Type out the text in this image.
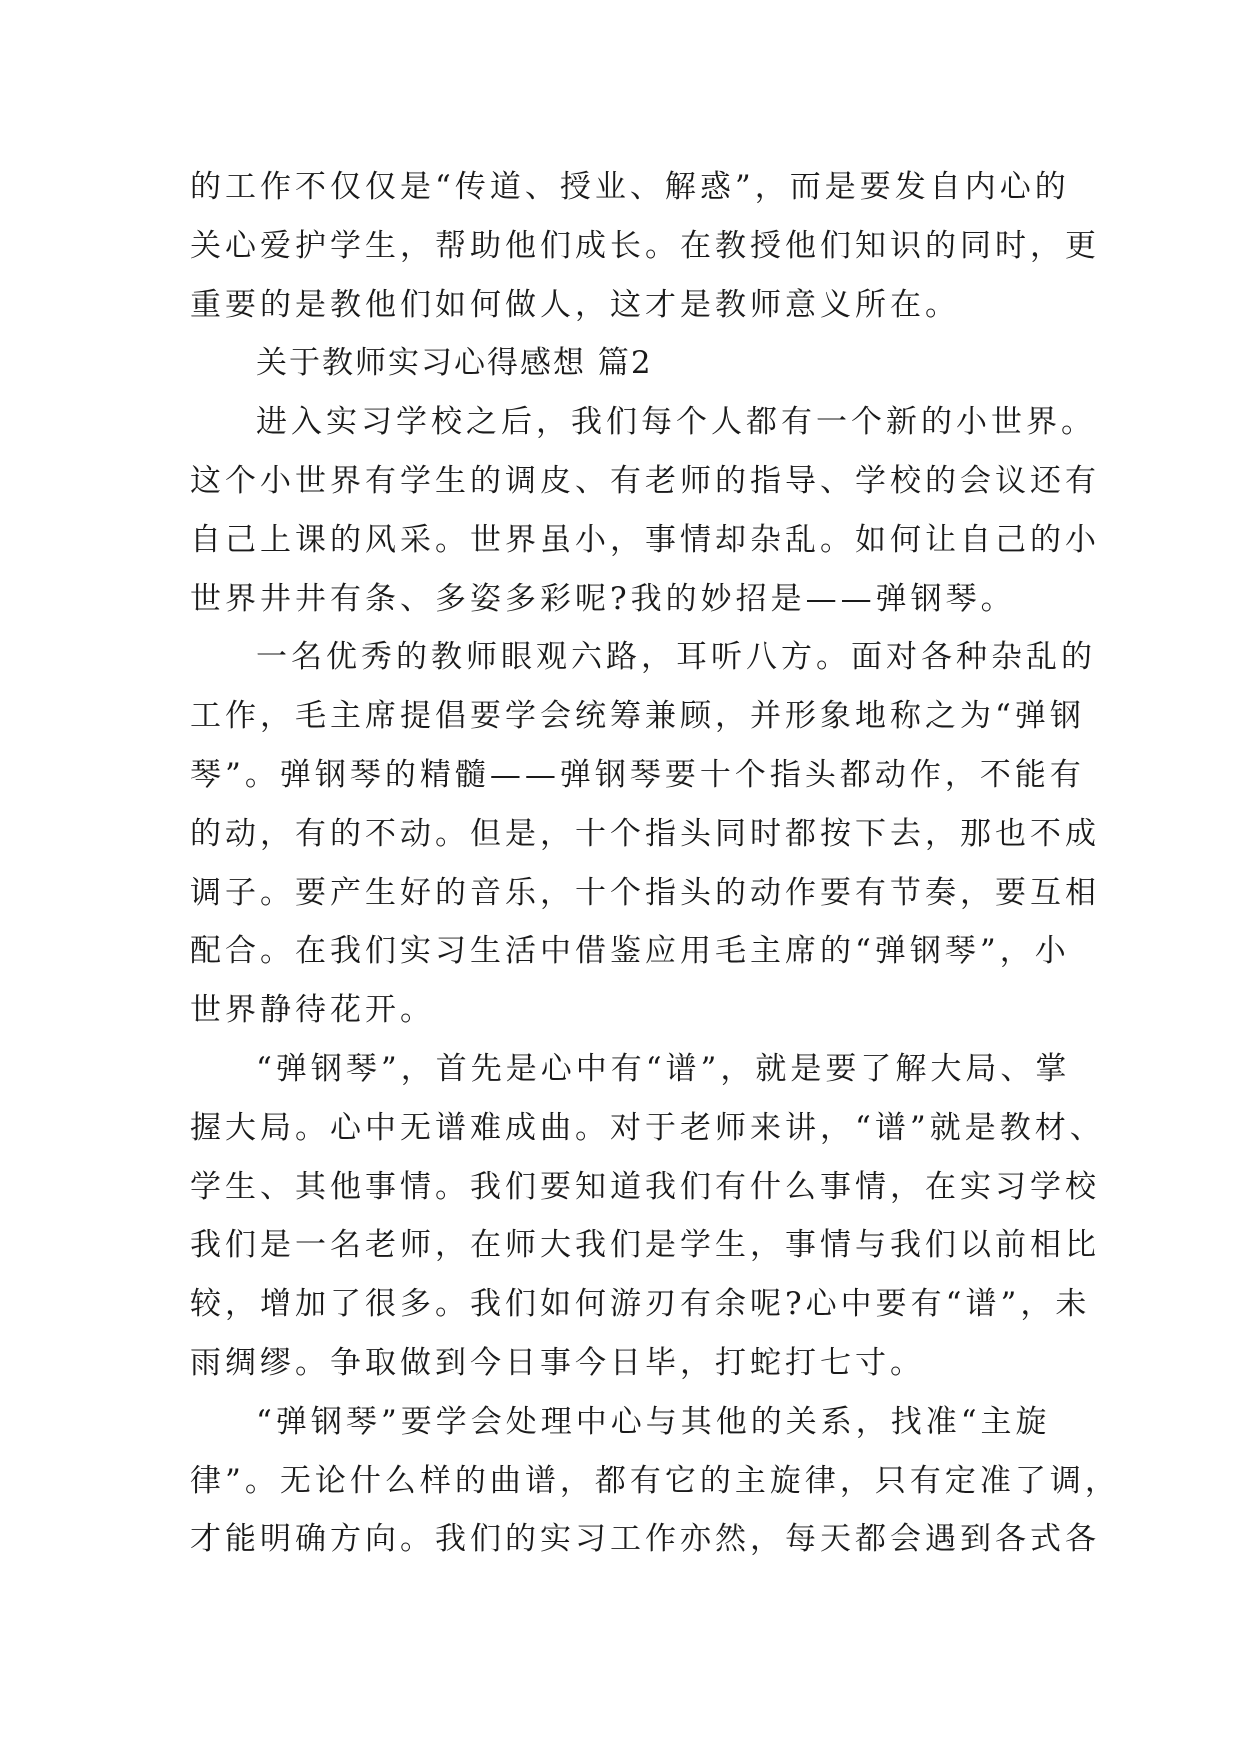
的工作不仅仅是“传道、授业、解惑”，而是要发自内心的
关心爱护学生，帮助他们成长。在教授他们知识的同时，更
重要的是教他们如何做人，这才是教师意义所在。
关于教师实习心得感想 篇2
进入实习学校之后，我们每个人都有一个新的小世界。
这个小世界有学生的调皮、有老师的指导、学校的会议还有
自己上课的风采。世界虽小，事情却杂乱。如何让自己的小
世界井井有条、多姿多彩呢?我的妙招是——弹钢琴。
一名优秀的教师眼观六路，耳听八方。面对各种杂乱的
工作，毛主席提倡要学会统筹兼顾，并形象地称之为“弹钢
琴”。弹钢琴的精髓——弹钢琴要十个指头都动作，不能有
的动，有的不动。但是，十个指头同时都按下去，那也不成
调子。要产生好的音乐，十个指头的动作要有节奏，要互相
配合。在我们实习生活中借鉴应用毛主席的“弹钢琴”，小
世界静待花开。
“弹钢琴”，首先是心中有“谱”，就是要了解大局、掌
握大局。心中无谱难成曲。对于老师来讲，“谱”就是教材、
学生、其他事情。我们要知道我们有什么事情，在实习学校
我们是一名老师，在师大我们是学生，事情与我们以前相比
较，增加了很多。我们如何游刃有余呢?心中要有“谱”，未
雨绸缪。争取做到今日事今日毕，打蛇打七寸。
“弹钢琴”要学会处理中心与其他的关系，找准“主旋
律”。无论什么样的曲谱，都有它的主旋律，只有定准了调，
才能明确方向。我们的实习工作亦然，每天都会遇到各式各
